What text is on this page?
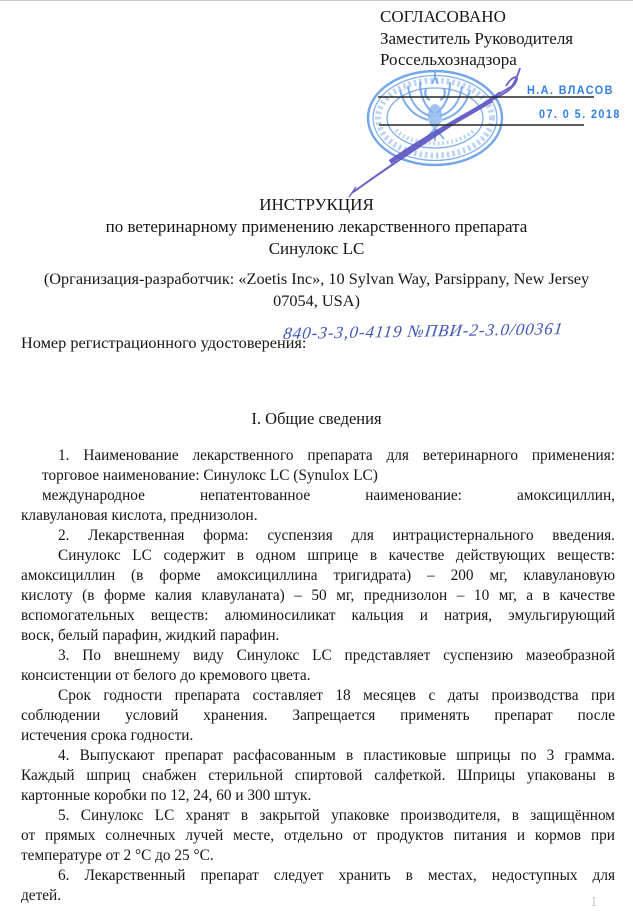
СОГЛАСОВАНО
Заместитель Руководителя
Россельхознадзора
Н.А. ВЛАСОВ
07. 0 5. 2018
ИНСТРУКЦИЯ
по ветеринарному применению лекарственного препарата
Синулокс LC
(Организация-разработчик: «Zoetis Inc», 10 Sylvan Way, Parsippany, New Jersey
07054, USA)
Номер регистрационного удостоверения:
840-3-3,0-4119 №ПВИ-2-3.0/00361
I. Общие сведения
1. Наименование лекарственного препарата для ветеринарного применения:
торговое наименование: Синулокс LC (Synulox LC)
международное непатентованное наименование: амоксициллин,
клавулановая кислота, преднизолон.
2. Лекарственная форма: суспензия для интрацистернального введения.
Синулокс LC содержит в одном шприце в качестве действующих веществ:
амоксициллин (в форме амоксициллина тригидрата) – 200 мг, клавулановую
кислоту (в форме калия клавуланата) – 50 мг, преднизолон – 10 мг, а в качестве
вспомогательных веществ: алюминосиликат кальция и натрия, эмульгирующий
воск, белый парафин, жидкий парафин.
3. По внешнему виду Синулокс LC представляет суспензию мазеобразной
консистенции от белого до кремового цвета.
Срок годности препарата составляет 18 месяцев с даты производства при
соблюдении условий хранения. Запрещается применять препарат после
истечения срока годности.
4. Выпускают препарат расфасованным в пластиковые шприцы по 3 грамма.
Каждый шприц снабжен стерильной спиртовой салфеткой. Шприцы упакованы в
картонные коробки по 12, 24, 60 и 300 штук.
5. Синулокс LC хранят в закрытой упаковке производителя, в защищённом
от прямых солнечных лучей месте, отдельно от продуктов питания и кормов при
температуре от 2 °С до 25 °С.
6. Лекарственный препарат следует хранить в местах, недоступных для
детей.	1
